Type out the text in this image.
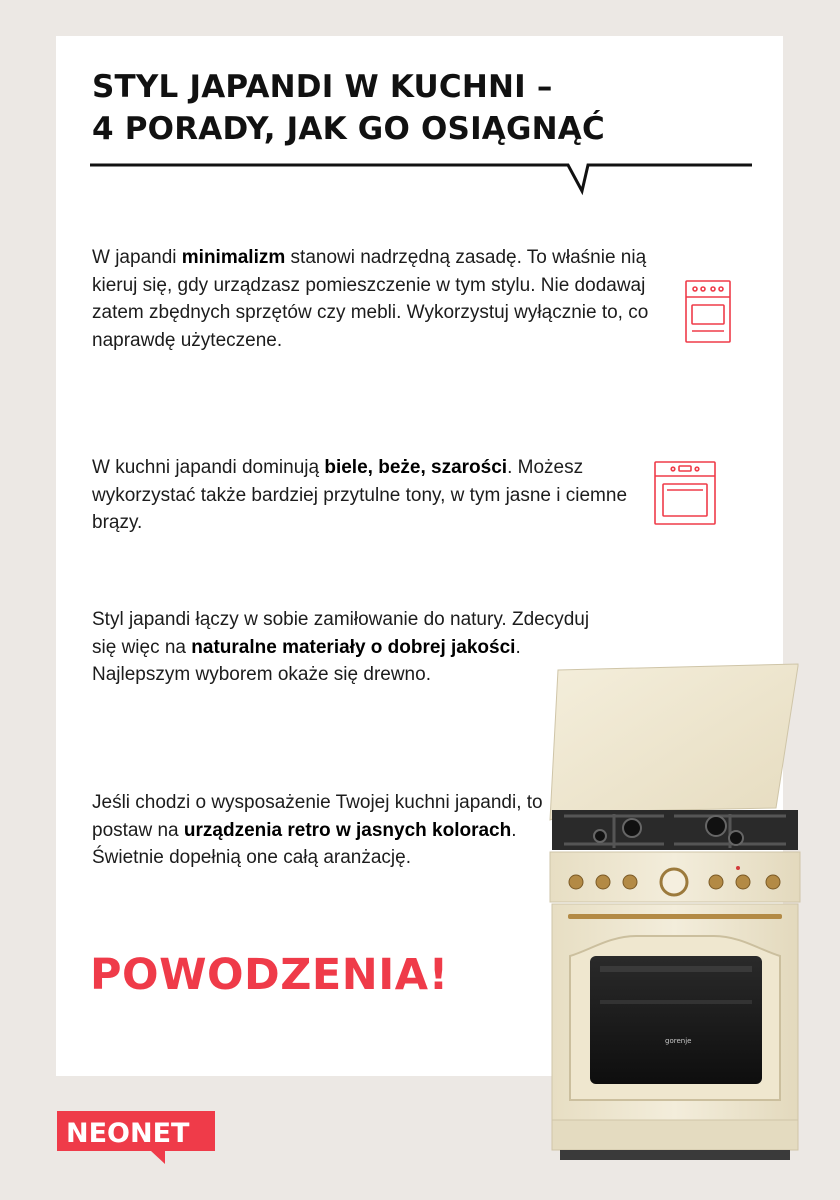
STYL JAPANDI W KUCHNI –
4 PORADY, JAK GO OSIĄGNĄĆ

W japandi minimalizm stanowi nadrzędną zasadę. To właśnie nią kieruj się, gdy urządzasz pomieszczenie w tym stylu. Nie dodawaj zatem zbędnych sprzętów czy mebli. Wykorzystuj wyłącznie to, co naprawdę użyteczene.

W kuchni japandi dominują biele, beże, szarości. Możesz wykorzystać także bardziej przytulne tony, w tym jasne i ciemne brązy.

Styl japandi łączy w sobie zamiłowanie do natury. Zdecyduj się więc na naturalne materiały o dobrej jakości. Najlepszym wyborem okaże się drewno.

Jeśli chodzi o wysposażenie Twojej kuchni japandi, to postaw na urządzenia retro w jasnych kolorach. Świetnie dopełnią one całą aranżację.

POWODZENIA!

gorenje
NEONET
